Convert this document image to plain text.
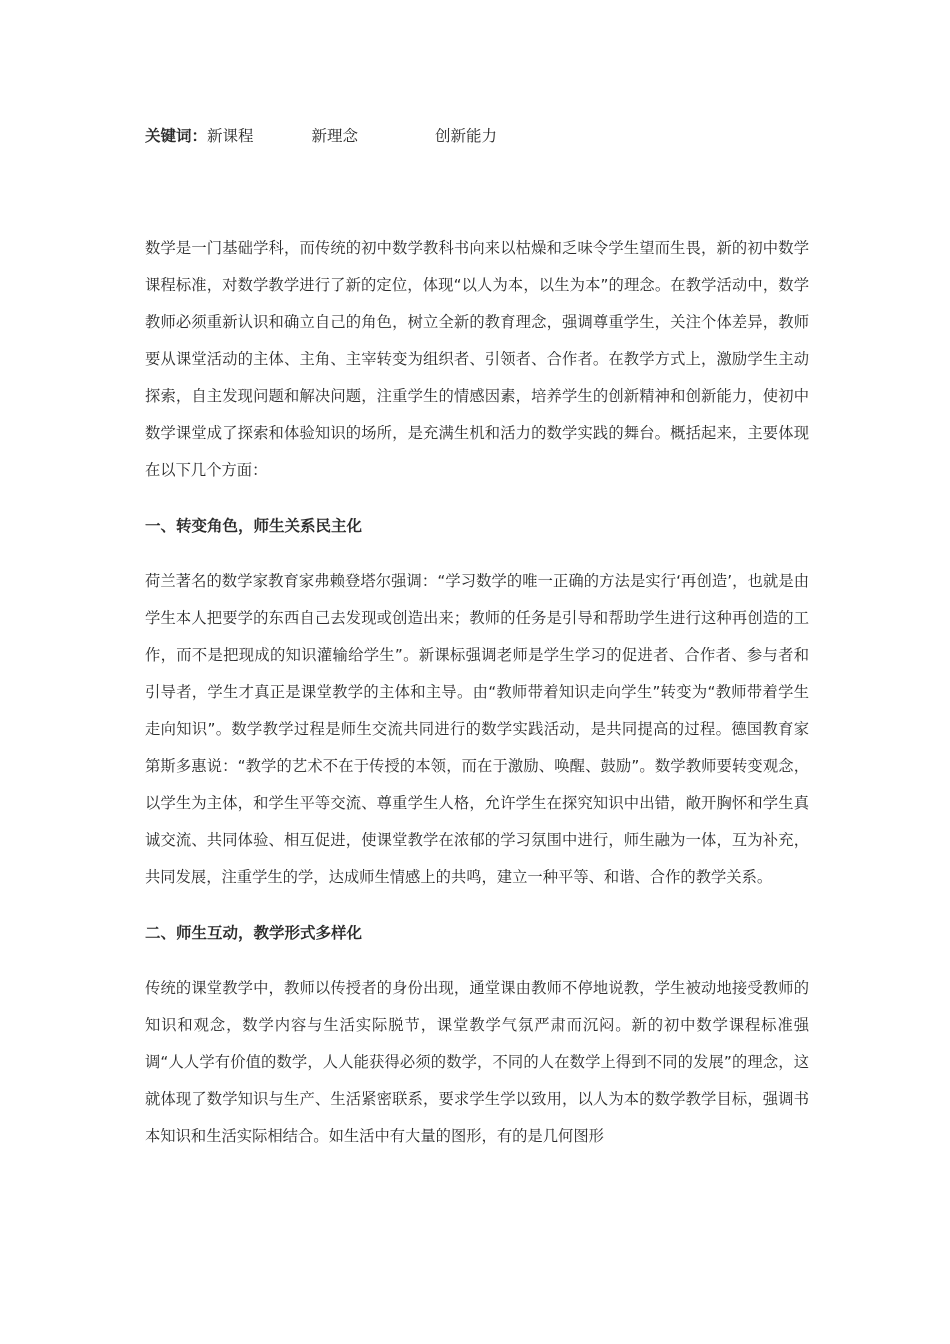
关键词：新课程	新理念	创新能力

数学是一门基础学科，而传统的初中数学教科书向来以枯燥和乏味令学生望而生畏，新的初中数学课程标准，对数学教学进行了新的定位，体现“以人为本，以生为本”的理念。在教学活动中，数学教师必须重新认识和确立自己的角色，树立全新的教育理念，强调尊重学生，关注个体差异，教师要从课堂活动的主体、主角、主宰转变为组织者、引领者、合作者。在教学方式上，激励学生主动探索，自主发现问题和解决问题，注重学生的情感因素，培养学生的创新精神和创新能力，使初中数学课堂成了探索和体验知识的场所，是充满生机和活力的数学实践的舞台。概括起来，主要体现在以下几个方面：

一、转变角色，师生关系民主化

荷兰著名的数学家教育家弗赖登塔尔强调：“学习数学的唯一正确的方法是实行‘再创造’，也就是由学生本人把要学的东西自己去发现或创造出来；教师的任务是引导和帮助学生进行这种再创造的工作，而不是把现成的知识灌输给学生”。新课标强调老师是学生学习的促进者、合作者、参与者和引导者，学生才真正是课堂教学的主体和主导。由“教师带着知识走向学生”转变为“教师带着学生走向知识”。数学教学过程是师生交流共同进行的数学实践活动，是共同提高的过程。德国教育家第斯多惠说：“教学的艺术不在于传授的本领，而在于激励、唤醒、鼓励”。数学教师要转变观念，以学生为主体，和学生平等交流、尊重学生人格，允许学生在探究知识中出错，敞开胸怀和学生真诚交流、共同体验、相互促进，使课堂教学在浓郁的学习氛围中进行，师生融为一体，互为补充，共同发展，注重学生的学，达成师生情感上的共鸣，建立一种平等、和谐、合作的教学关系。

二、师生互动，教学形式多样化

传统的课堂教学中，教师以传授者的身份出现，通堂课由教师不停地说教，学生被动地接受教师的知识和观念，数学内容与生活实际脱节，课堂教学气氛严肃而沉闷。新的初中数学课程标准强调“人人学有价值的数学，人人能获得必须的数学，不同的人在数学上得到不同的发展”的理念，这就体现了数学知识与生产、生活紧密联系，要求学生学以致用，以人为本的数学教学目标，强调书本知识和生活实际相结合。如生活中有大量的图形，有的是几何图形
